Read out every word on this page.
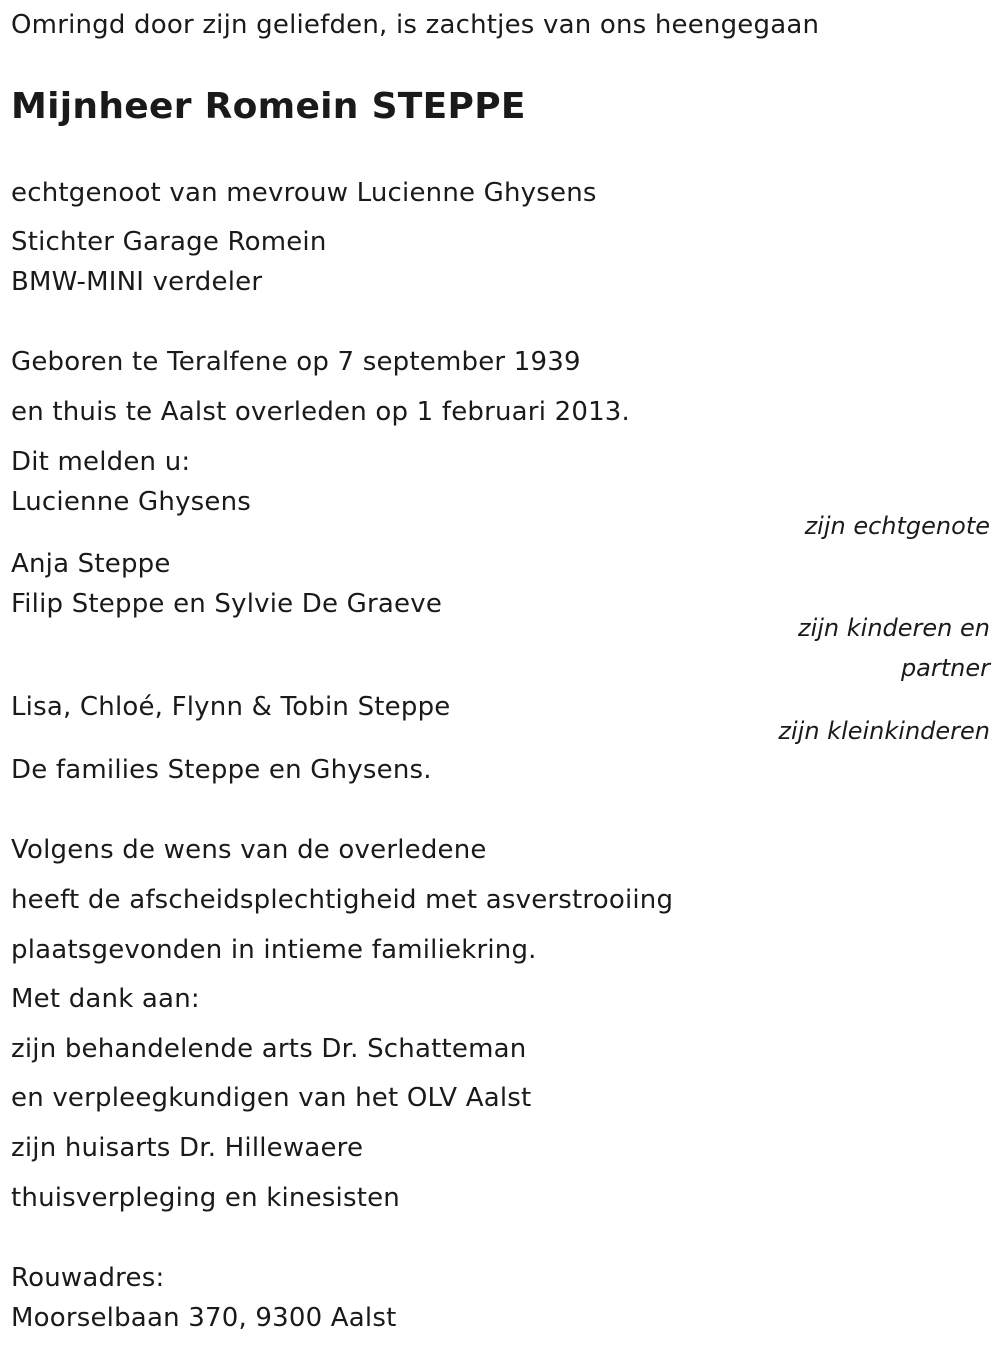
Omringd door zijn geliefden, is zachtjes van ons heengegaan
Mijnheer Romein STEPPE
echtgenoot van mevrouw Lucienne Ghysens
Stichter Garage Romein
BMW-MINI verdeler
Geboren te Teralfene op 7 september 1939
en thuis te Aalst overleden op 1 februari 2013.
Dit melden u:
Lucienne Ghysens
zijn echtgenote
Anja Steppe
Filip Steppe en Sylvie De Graeve
zijn kinderen en
partner
Lisa, Chloé, Flynn & Tobin Steppe
zijn kleinkinderen
De families Steppe en Ghysens.
Volgens de wens van de overledene
heeft de afscheidsplechtigheid met asverstrooiing
plaatsgevonden in intieme familiekring.
Met dank aan:
zijn behandelende arts Dr. Schatteman
en verpleegkundigen van het OLV Aalst
zijn huisarts Dr. Hillewaere
thuisverpleging en kinesisten
Rouwadres:
Moorselbaan 370, 9300 Aalst
